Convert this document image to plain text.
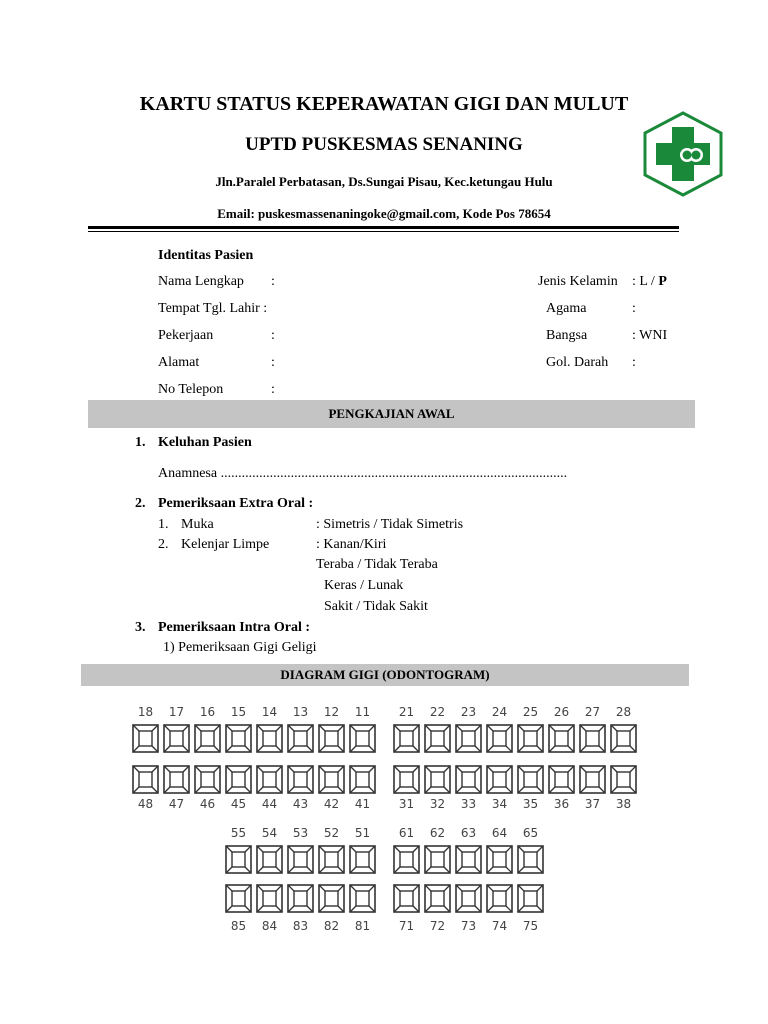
KARTU STATUS KEPERAWATAN GIGI DAN MULUT
UPTD PUSKESMAS SENANING
Jln.Paralel Perbatasan, Ds.Sungai Pisau, Kec.ketungau Hulu
Email: puskesmassenaningoke@gmail.com, Kode Pos 78654
Identitas Pasien
Nama Lengkap :
Tempat Tgl. Lahir :
Pekerjaan	:
Alamat	:
No Telepon	:
Jenis Kelamin : L / P
Agama	:
Bangsa	: WNI
Gol. Darah :
PENGKAJIAN AWAL
1. Keluhan Pasien
Anamnesa ...................................................................................................
2. Pemeriksaan Extra Oral :
1. Muka	: Simetris / Tidak Simetris
2. Kelenjar Limpe	: Kanan/Kiri
Teraba / Tidak Teraba
Keras / Lunak
Sakit / Tidak Sakit
3. Pemeriksaan Intra Oral :
1) Pemeriksaan Gigi Geligi
DIAGRAM GIGI (ODONTOGRAM)
18	17	16	15	14	13	12	11	21	22	23	24	25	26	27	28
48	47	46	45	44	43	42	41	31	32	33	34	35	36	37	38
55	54	53	52	51	61	62	63	64	65
85	84	83	82	81	71	72	73	74	75
